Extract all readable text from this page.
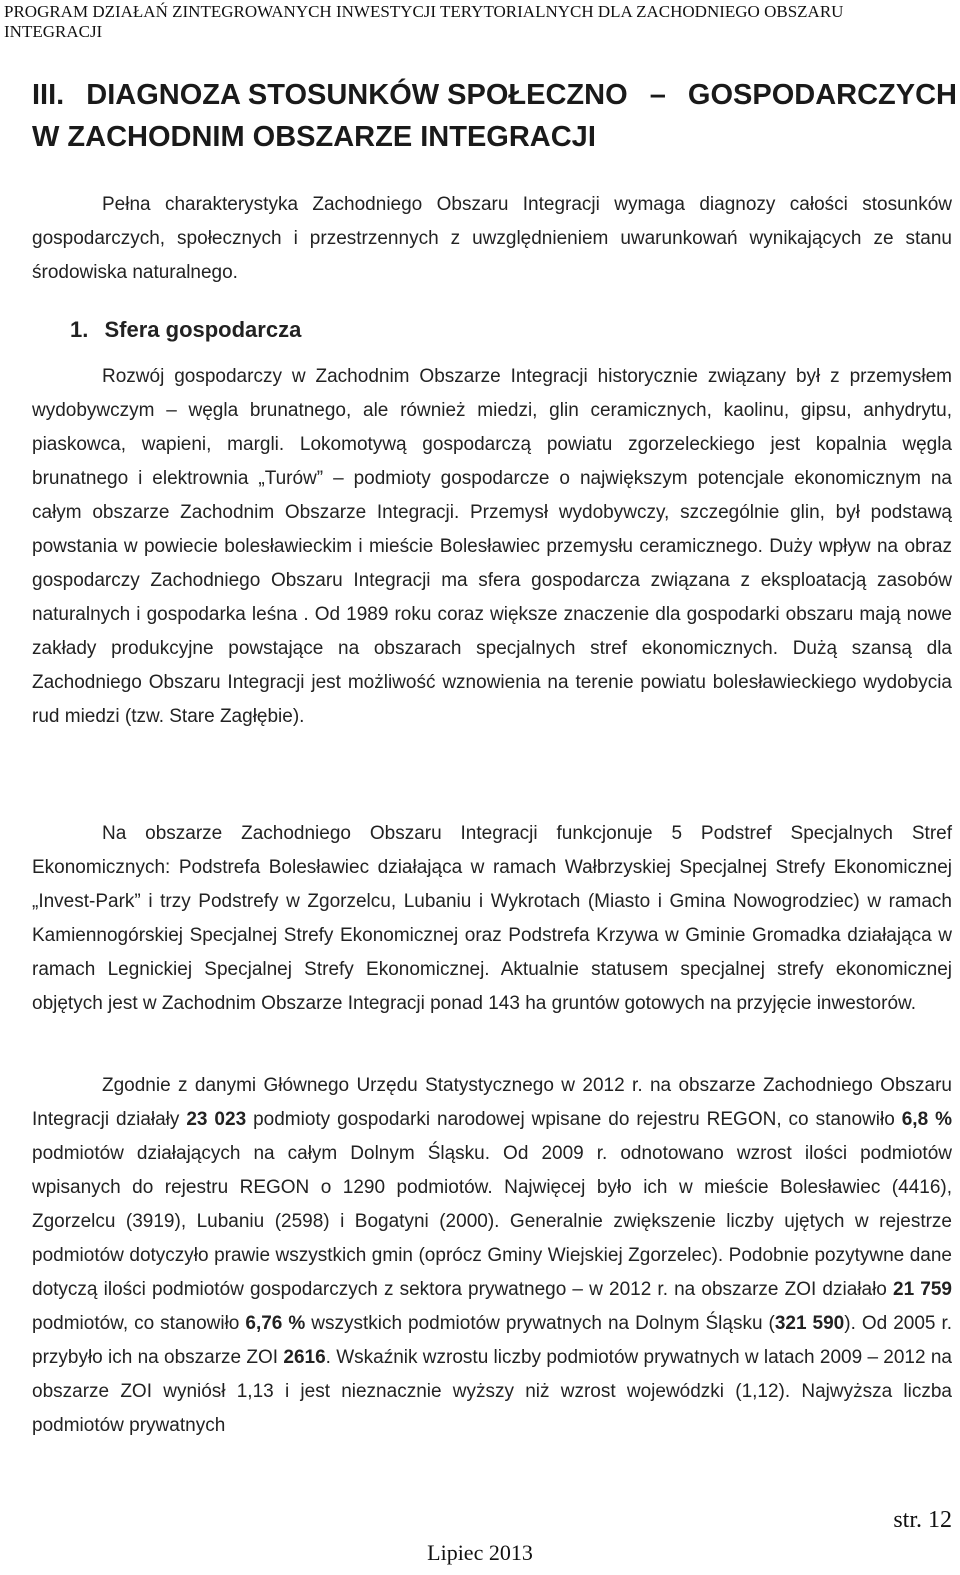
PROGRAM DZIAŁAŃ ZINTEGROWANYCH INWESTYCJI TERYTORIALNYCH DLA ZACHODNIEGO OBSZARU INTEGRACJI
III. DIAGNOZA STOSUNKÓW SPOŁECZNO – GOSPODARCZYCH
W ZACHODNIM OBSZARZE INTEGRACJI

Pełna charakterystyka Zachodniego Obszaru Integracji wymaga diagnozy całości stosunków gospodarczych, społecznych i przestrzennych z uwzględnieniem uwarunkowań wynikających ze stanu środowiska naturalnego.

1. Sfera gospodarcza

Rozwój gospodarczy w Zachodnim Obszarze Integracji historycznie związany był z przemysłem wydobywczym – węgla brunatnego, ale również miedzi, glin ceramicznych, kaolinu, gipsu, anhydrytu, piaskowca, wapieni, margli. Lokomotywą gospodarczą powiatu zgorzeleckiego jest kopalnia węgla brunatnego i elektrownia „Turów” – podmioty gospodarcze o największym potencjale ekonomicznym na całym obszarze Zachodnim Obszarze Integracji. Przemysł wydobywczy, szczególnie glin, był podstawą powstania w powiecie bolesławieckim i mieście Bolesławiec przemysłu ceramicznego. Duży wpływ na obraz gospodarczy Zachodniego Obszaru Integracji ma sfera gospodarcza związana z eksploatacją zasobów naturalnych i gospodarka leśna . Od 1989 roku coraz większe znaczenie dla gospodarki obszaru mają nowe zakłady produkcyjne powstające na obszarach specjalnych stref ekonomicznych. Dużą szansą dla Zachodniego Obszaru Integracji jest możliwość wznowienia na terenie powiatu bolesławieckiego wydobycia rud miedzi (tzw. Stare Zagłębie).

Na obszarze Zachodniego Obszaru Integracji funkcjonuje 5 Podstref Specjalnych Stref Ekonomicznych: Podstrefa Bolesławiec działająca w ramach Wałbrzyskiej Specjalnej Strefy Ekonomicznej „Invest-Park” i trzy Podstrefy w Zgorzelcu, Lubaniu i Wykrotach (Miasto i Gmina Nowogrodziec) w ramach Kamiennogórskiej Specjalnej Strefy Ekonomicznej oraz Podstrefa Krzywa w Gminie Gromadka działająca w ramach Legnickiej Specjalnej Strefy Ekonomicznej. Aktualnie statusem specjalnej strefy ekonomicznej objętych jest w Zachodnim Obszarze Integracji ponad 143 ha gruntów gotowych na przyjęcie inwestorów.

Zgodnie z danymi Głównego Urzędu Statystycznego w 2012 r. na obszarze Zachodniego Obszaru Integracji działały 23 023 podmioty gospodarki narodowej wpisane do rejestru REGON, co stanowiło 6,8 % podmiotów działających na całym Dolnym Śląsku. Od 2009 r. odnotowano wzrost ilości podmiotów wpisanych do rejestru REGON o 1290 podmiotów. Najwięcej było ich w mieście Bolesławiec (4416), Zgorzelcu (3919), Lubaniu (2598) i Bogatyni (2000). Generalnie zwiększenie liczby ujętych w rejestrze podmiotów dotyczyło prawie wszystkich gmin (oprócz Gminy Wiejskiej Zgorzelec). Podobnie pozytywne dane dotyczą ilości podmiotów gospodarczych z sektora prywatnego – w 2012 r. na obszarze ZOI działało 21 759 podmiotów, co stanowiło 6,76 % wszystkich podmiotów prywatnych na Dolnym Śląsku (321 590). Od 2005 r. przybyło ich na obszarze ZOI 2616. Wskaźnik wzrostu liczby podmiotów prywatnych w latach 2009 – 2012 na obszarze ZOI wyniósł 1,13 i jest nieznacznie wyższy niż wzrost wojewódzki (1,12). Najwyższa liczba podmiotów prywatnych

str. 12
Lipiec 2013
